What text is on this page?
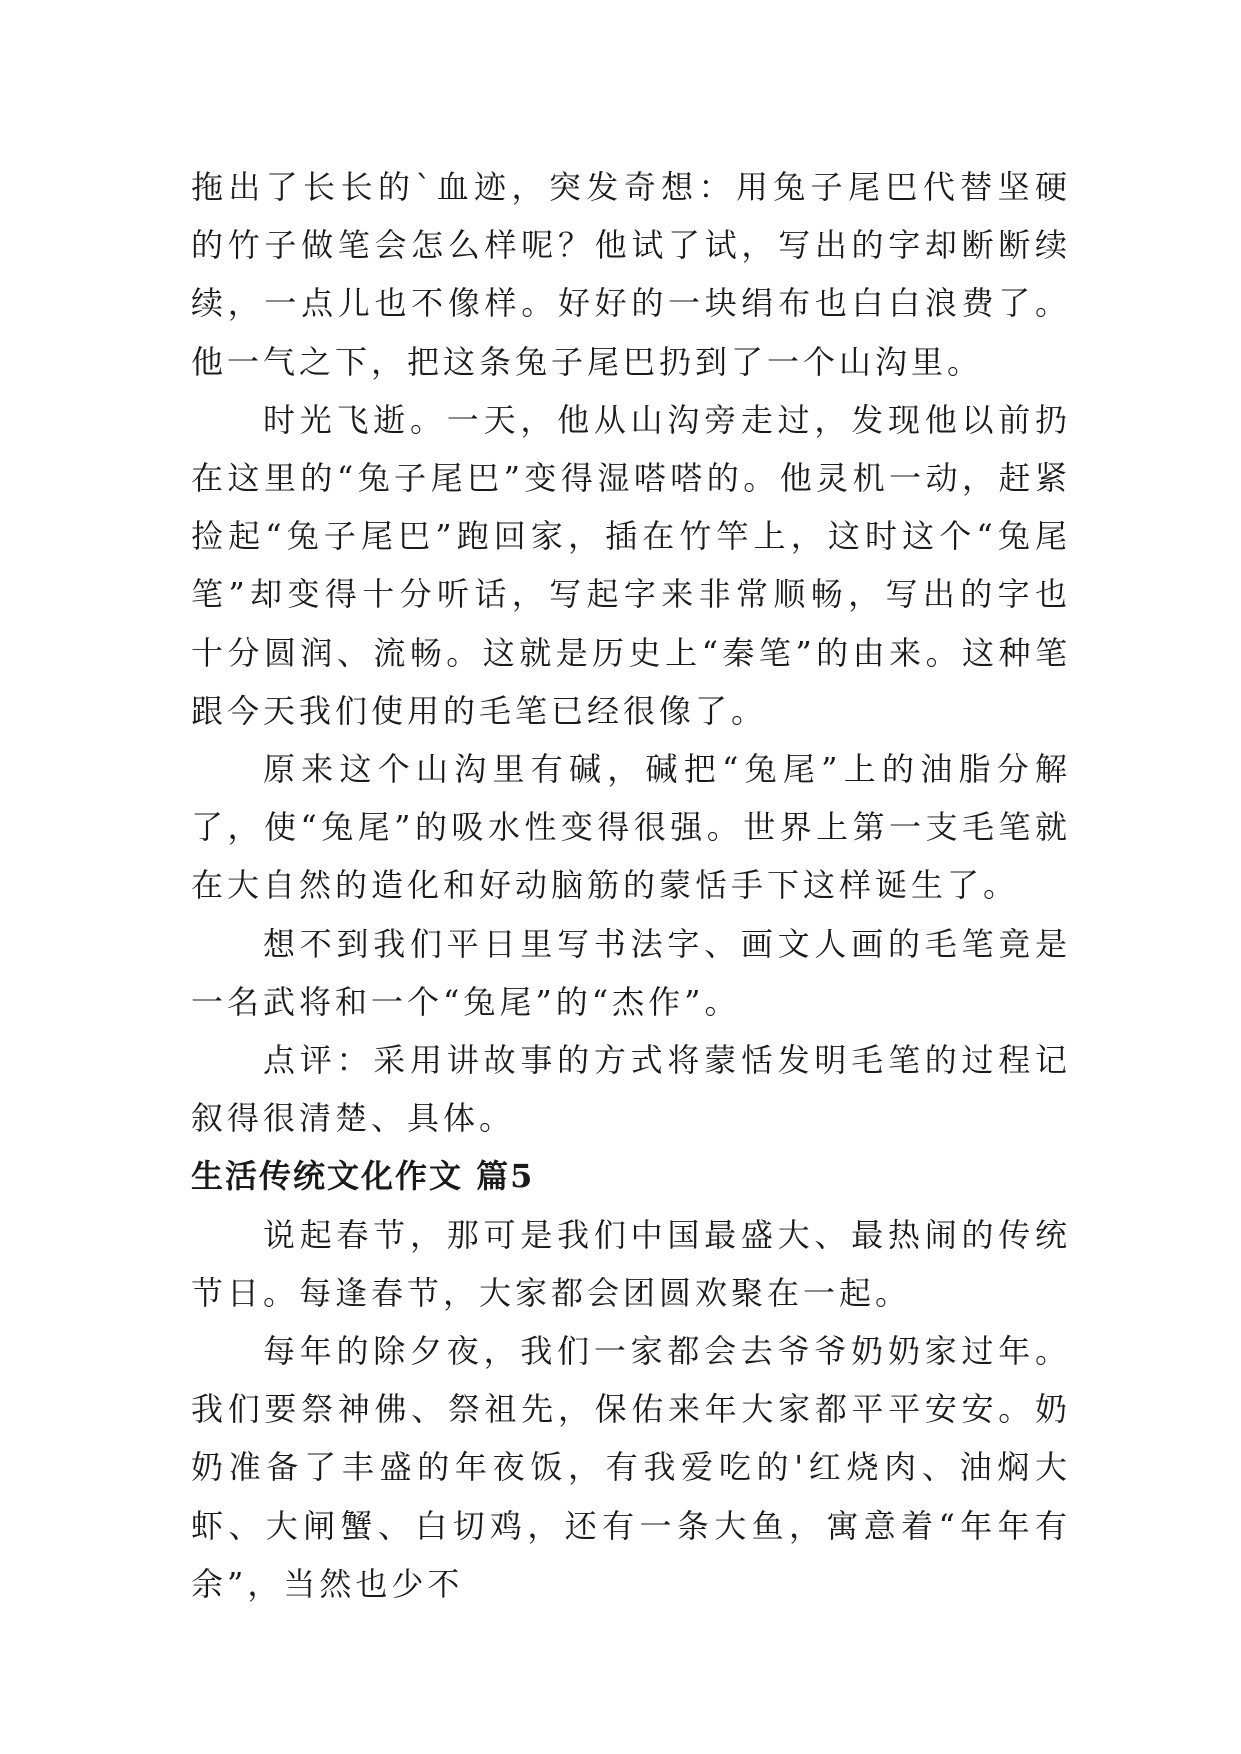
拖出了长长的`血迹，突发奇想：用兔子尾巴代替坚硬的竹子做笔会怎么样呢？他试了试，写出的字却断断续续，一点儿也不像样。好好的一块绢布也白白浪费了。他一气之下，把这条兔子尾巴扔到了一个山沟里。

时光飞逝。一天，他从山沟旁走过，发现他以前扔在这里的“兔子尾巴”变得湿嗒嗒的。他灵机一动，赶紧捡起“兔子尾巴”跑回家，插在竹竿上，这时这个“兔尾笔”却变得十分听话，写起字来非常顺畅，写出的字也十分圆润、流畅。这就是历史上“秦笔”的由来。这种笔跟今天我们使用的毛笔已经很像了。

原来这个山沟里有碱，碱把“兔尾”上的油脂分解了，使“兔尾”的吸水性变得很强。世界上第一支毛笔就在大自然的造化和好动脑筋的蒙恬手下这样诞生了。

想不到我们平日里写书法字、画文人画的毛笔竟是一名武将和一个“兔尾”的“杰作”。

点评：采用讲故事的方式将蒙恬发明毛笔的过程记叙得很清楚、具体。

生活传统文化作文 篇5

说起春节，那可是我们中国最盛大、最热闹的传统节日。每逢春节，大家都会团圆欢聚在一起。

每年的除夕夜，我们一家都会去爷爷奶奶家过年。我们要祭神佛、祭祖先，保佑来年大家都平平安安。奶奶准备了丰盛的年夜饭，有我爱吃的'红烧肉、油焖大虾、大闸蟹、白切鸡，还有一条大鱼，寓意着“年年有余”，当然也少不
